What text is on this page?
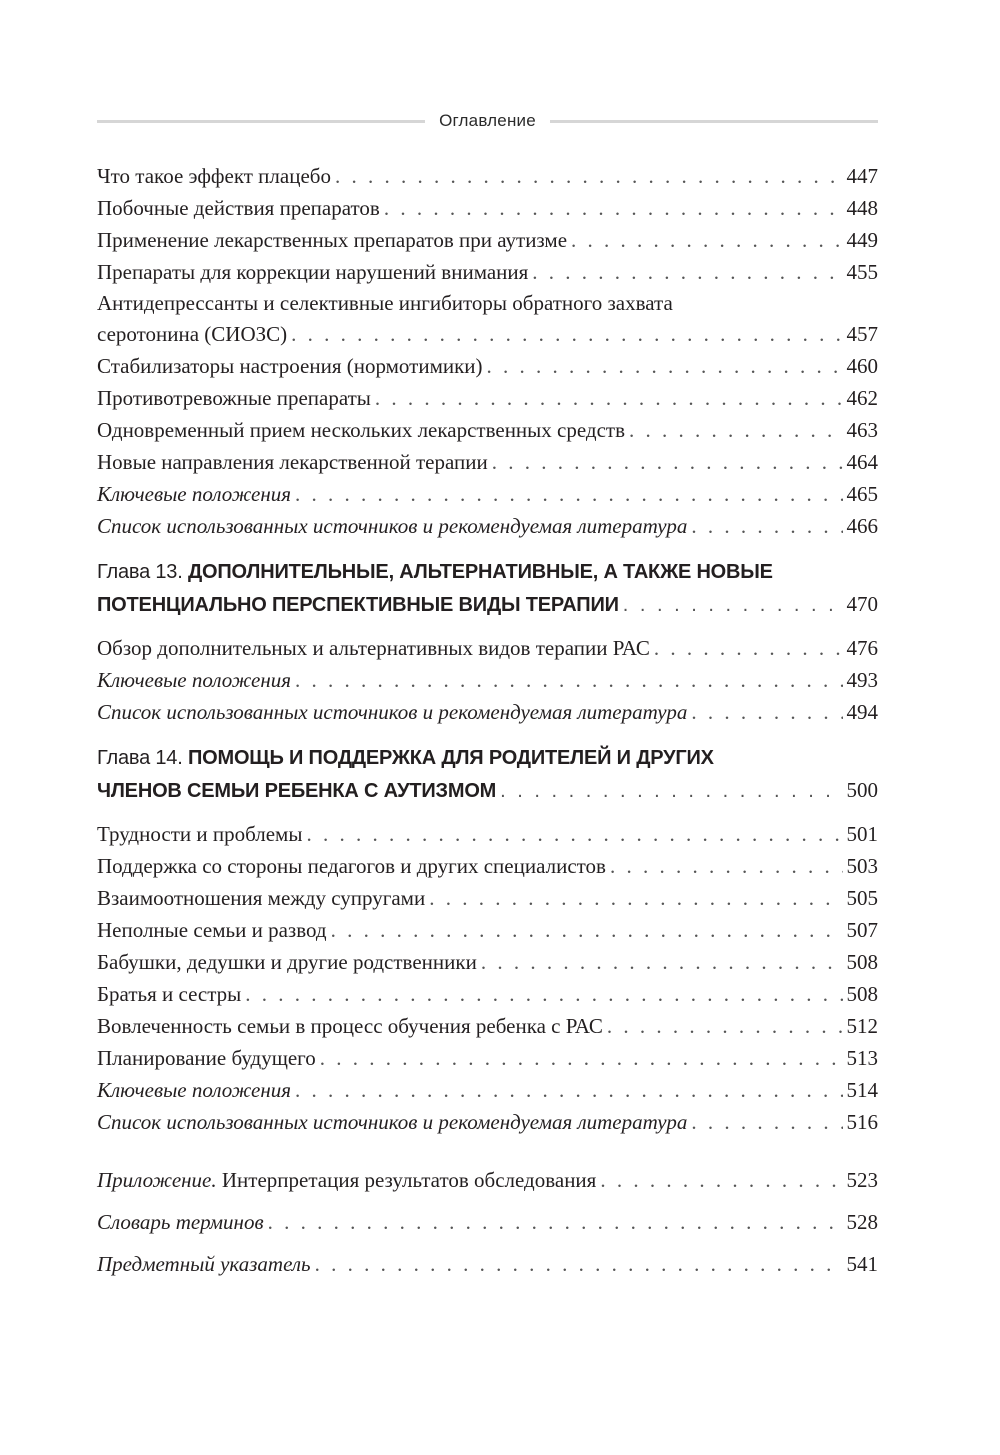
Оглавление
Что такое эффект плацебо . . .	447
Побочные действия препаратов . . .	448
Применение лекарственных препаратов при аутизме . . .	449
Препараты для коррекции нарушений внимания . . .	455
Антидепрессанты и селективные ингибиторы обратного захвата
серотонина (СИОЗС) . . .	457
Стабилизаторы настроения (нормотимики) . . .	460
Противотревожные препараты . . .	462
Одновременный прием нескольких лекарственных средств . . .	463
Новые направления лекарственной терапии . . .	464
Ключевые положения . . .	465
Список использованных источников и рекомендуемая литература . . .	466
Глава 13. ДОПОЛНИТЕЛЬНЫЕ, АЛЬТЕРНАТИВНЫЕ, А ТАКЖЕ НОВЫЕ
ПОТЕНЦИАЛЬНО ПЕРСПЕКТИВНЫЕ ВИДЫ ТЕРАПИИ . . .	470
Обзор дополнительных и альтернативных видов терапии РАС . . .	476
Ключевые положения . . .	493
Список использованных источников и рекомендуемая литература . . .	494
Глава 14. ПОМОЩЬ И ПОДДЕРЖКА ДЛЯ РОДИТЕЛЕЙ И ДРУГИХ
ЧЛЕНОВ СЕМЬИ РЕБЕНКА С АУТИЗМОМ . . .	500
Трудности и проблемы . . .	501
Поддержка со стороны педагогов и других специалистов . . .	503
Взаимоотношения между супругами . . .	505
Неполные семьи и развод . . .	507
Бабушки, дедушки и другие родственники . . .	508
Братья и сестры . . .	508
Вовлеченность семьи в процесс обучения ребенка с РАС . . .	512
Планирование будущего . . .	513
Ключевые положения . . .	514
Список использованных источников и рекомендуемая литература . . .	516
Приложение. Интерпретация результатов обследования . . .	523
Словарь терминов . . .	528
Предметный указатель . . .	541
